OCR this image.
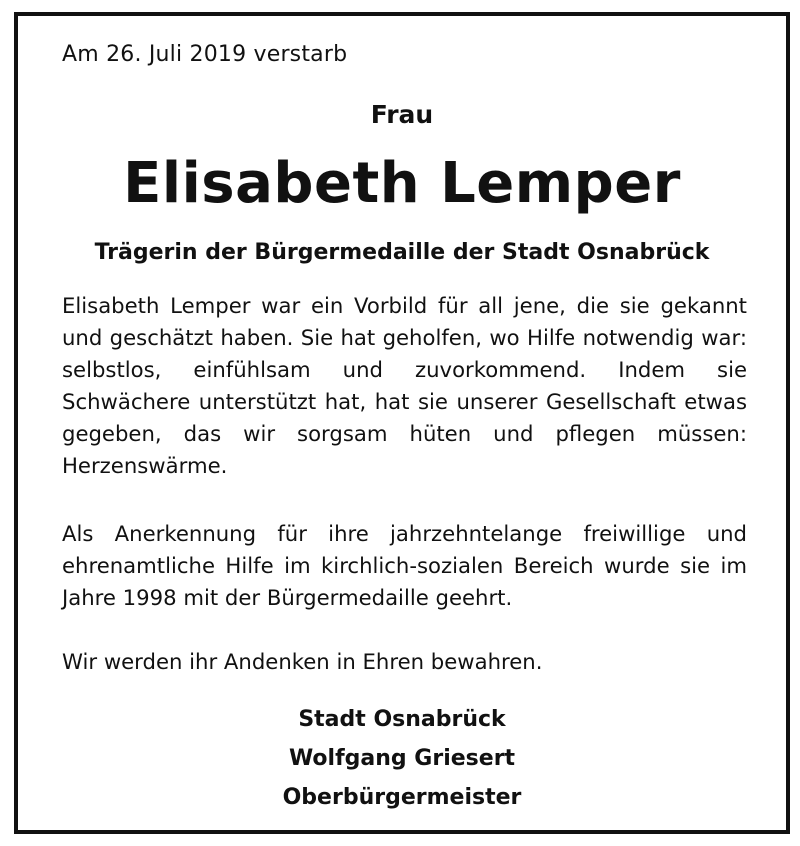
Am 26. Juli 2019 verstarb
Frau
Elisabeth Lemper
Trägerin der Bürgermedaille der Stadt Osnabrück

Elisabeth Lemper war ein Vorbild für all jene, die sie gekannt und geschätzt haben. Sie hat geholfen, wo Hilfe notwendig war: selbstlos, einfühlsam und zuvorkommend. Indem sie Schwächere unterstützt hat, hat sie unserer Gesellschaft etwas gegeben, das wir sorgsam hüten und pflegen müssen: Herzenswärme.

Als Anerkennung für ihre jahrzehntelange freiwillige und ehrenamtliche Hilfe im kirchlich-sozialen Bereich wurde sie im Jahre 1998 mit der Bürgermedaille geehrt.

Wir werden ihr Andenken in Ehren bewahren.

Stadt Osnabrück
Wolfgang Griesert
Oberbürgermeister
